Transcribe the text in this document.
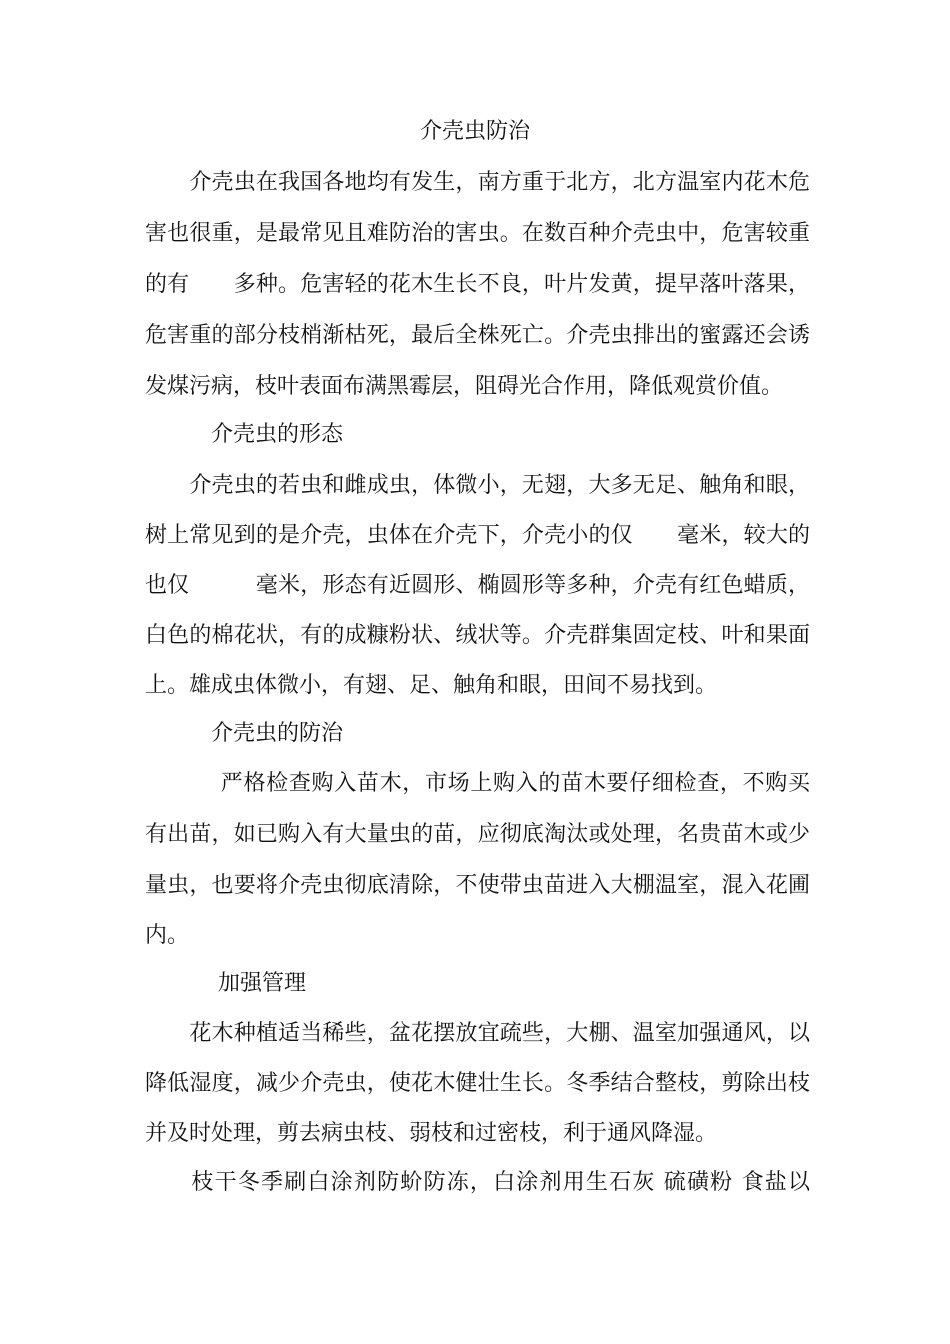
介壳虫防治
　　介壳虫在我国各地均有发生，南方重于北方，北方温室内花木危
害也很重，是最常见且难防治的害虫。在数百种介壳虫中，危害较重
的有　　多种。危害轻的花木生长不良，叶片发黄，提早落叶落果，
危害重的部分枝梢渐枯死，最后全株死亡。介壳虫排出的蜜露还会诱
发煤污病，枝叶表面布满黑霉层，阻碍光合作用，降低观赏价值。
　　　介壳虫的形态
　　介壳虫的若虫和雌成虫，体微小，无翅，大多无足、触角和眼，
树上常见到的是介壳，虫体在介壳下，介壳小的仅　　毫米，较大的
也仅　　　毫米，形态有近圆形、椭圆形等多种，介壳有红色蜡质，
白色的棉花状，有的成糠粉状、绒状等。介壳群集固定枝、叶和果面
上。雄成虫体微小，有翅、足、触角和眼，田间不易找到。
　　　介壳虫的防治
　　　 严格检查购入苗木，市场上购入的苗木要仔细检查，不购买
有出苗，如已购入有大量虫的苗，应彻底淘汰或处理，名贵苗木或少
量虫，也要将介壳虫彻底清除，不使带虫苗进入大棚温室，混入花圃
内。
　　　 加强管理
　　花木种植适当稀些，盆花摆放宜疏些，大棚、温室加强通风，以
降低湿度，减少介壳虫，使花木健壮生长。冬季结合整枝，剪除出枝
并及时处理，剪去病虫枝、弱枝和过密枝，利于通风降湿。
　　枝干冬季刷白涂剂防蚧防冻，白涂剂用生石灰 硫磺粉 食盐以
